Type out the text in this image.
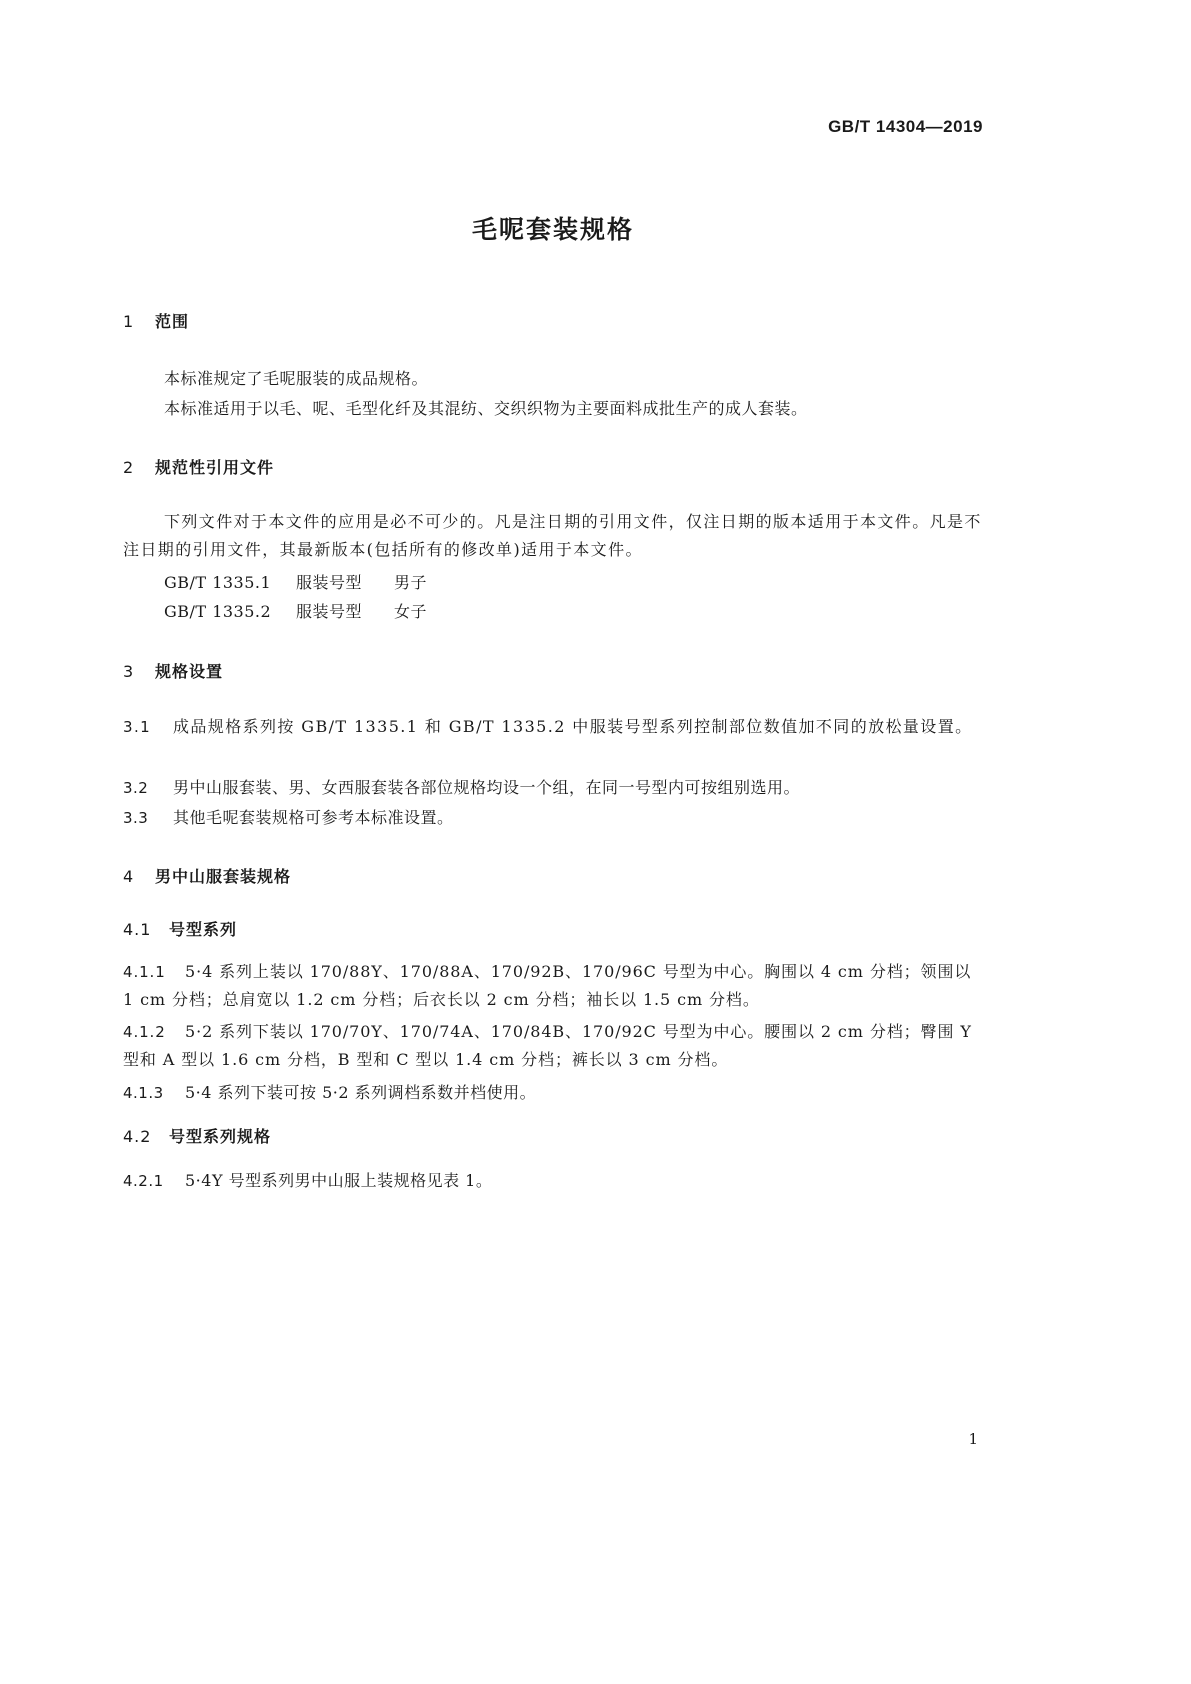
GB/T 14304—2019
毛呢套装规格
1 范围
本标准规定了毛呢服装的成品规格。
本标准适用于以毛、呢、毛型化纤及其混纺、交织织物为主要面料成批生产的成人套装。
2 规范性引用文件
下列文件对于本文件的应用是必不可少的。凡是注日期的引用文件，仅注日期的版本适用于本文件。凡是不注日期的引用文件，其最新版本(包括所有的修改单)适用于本文件。
GB/T 1335.1 服装号型 男子
GB/T 1335.2 服装号型 女子
3 规格设置
3.1 成品规格系列按 GB/T 1335.1 和 GB/T 1335.2 中服装号型系列控制部位数值加不同的放松量设置。
3.2 男中山服套装、男、女西服套装各部位规格均设一个组，在同一号型内可按组别选用。
3.3 其他毛呢套装规格可参考本标准设置。
4 男中山服套装规格
4.1 号型系列
4.1.1 5·4 系列上装以 170/88Y、170/88A、170/92B、170/96C 号型为中心。胸围以 4 cm 分档；领围以 1 cm 分档；总肩宽以 1.2 cm 分档；后衣长以 2 cm 分档；袖长以 1.5 cm 分档。
4.1.2 5·2 系列下装以 170/70Y、170/74A、170/84B、170/92C 号型为中心。腰围以 2 cm 分档；臀围 Y 型和 A 型以 1.6 cm 分档，B 型和 C 型以 1.4 cm 分档；裤长以 3 cm 分档。
4.1.3 5·4 系列下装可按 5·2 系列调档系数并档使用。
4.2 号型系列规格
4.2.1 5·4Y 号型系列男中山服上装规格见表 1。
1
